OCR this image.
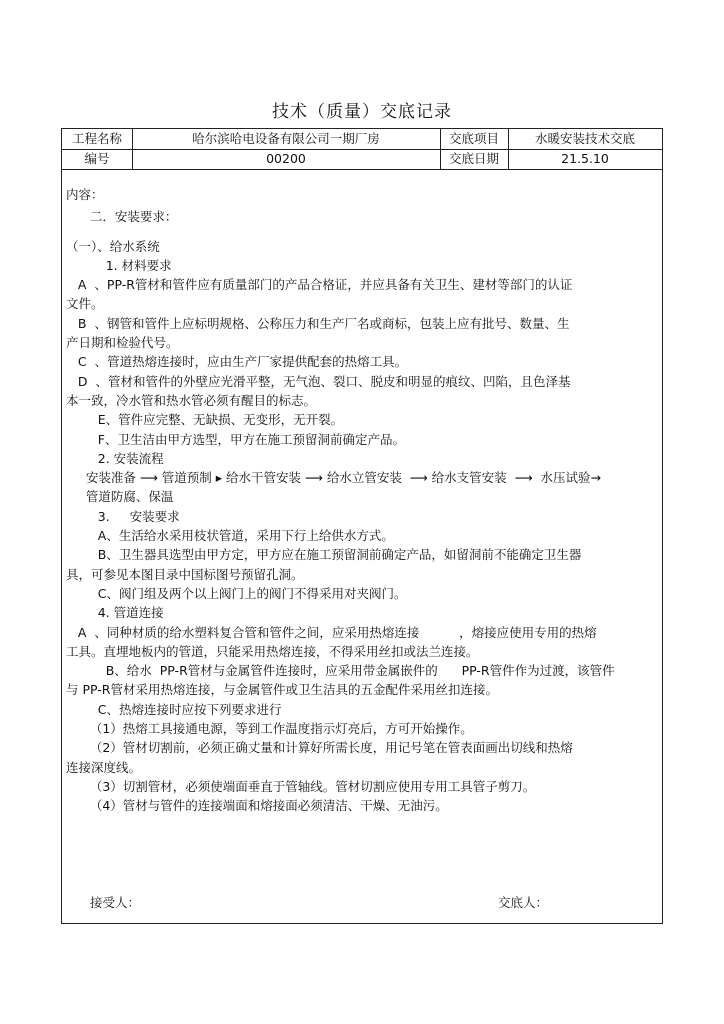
技术（质量）交底记录
工程名称	哈尔滨哈电设备有限公司一期厂房	交底项目	水暖安装技术交底
编号	00200	交底日期	21.5.10
内容：
二．安装要求：
（一）、给水系统
1. 材料要求
A  、PP-R管材和管件应有质量部门的产品合格证，并应具备有关卫生、建材等部门的认证
文件。
B  、钢管和管件上应标明规格、公称压力和生产厂名或商标，包装上应有批号、数量、生
产日期和检验代号。
C  、管道热熔连接时，应由生产厂家提供配套的热熔工具。
D  、管材和管件的外壁应光滑平整，无气泡、裂口、脱皮和明显的痕纹、凹陷，且色泽基
本一致，冷水管和热水管必须有醒目的标志。
E、管件应完整、无缺损、无变形，无开裂。
F、卫生洁由甲方选型，甲方在施工预留洞前确定产品。
2. 安装流程
安装准备 ⟶ 管道预制 ▸ 给水干管安装 ⟶ 给水立管安装  ⟶ 给水支管安装  ⟶  水压试验→
管道防腐、保温
3.     安装要求
A、生活给水采用枝状管道，采用下行上给供水方式。
B、卫生器具选型由甲方定，甲方应在施工预留洞前确定产品，如留洞前不能确定卫生器
具，可参见本图目录中国标图号预留孔洞。
C、阀门组及两个以上阀门上的阀门不得采用对夹阀门。
4. 管道连接
A  、同种材质的给水塑料复合管和管件之间，应采用热熔连接          ，熔接应使用专用的热熔
工具。直埋地板内的管道，只能采用热熔连接，不得采用丝扣或法兰连接。
B、给水  PP-R管材与金属管件连接时，应采用带金属嵌件的      PP-R管件作为过渡，该管件
与 PP-R管材采用热熔连接，与金属管件或卫生洁具的五金配件采用丝扣连接。
C、热熔连接时应按下列要求进行
（1）热熔工具接通电源，等到工作温度指示灯亮后，方可开始操作。
（2）管材切割前，必须正确丈量和计算好所需长度，用记号笔在管表面画出切线和热熔
连接深度线。
（3）切割管材，必须使端面垂直于管轴线。管材切割应使用专用工具管子剪刀。
（4）管材与管件的连接端面和熔接面必须清洁、干燥、无油污。
接受人：	交底人：
